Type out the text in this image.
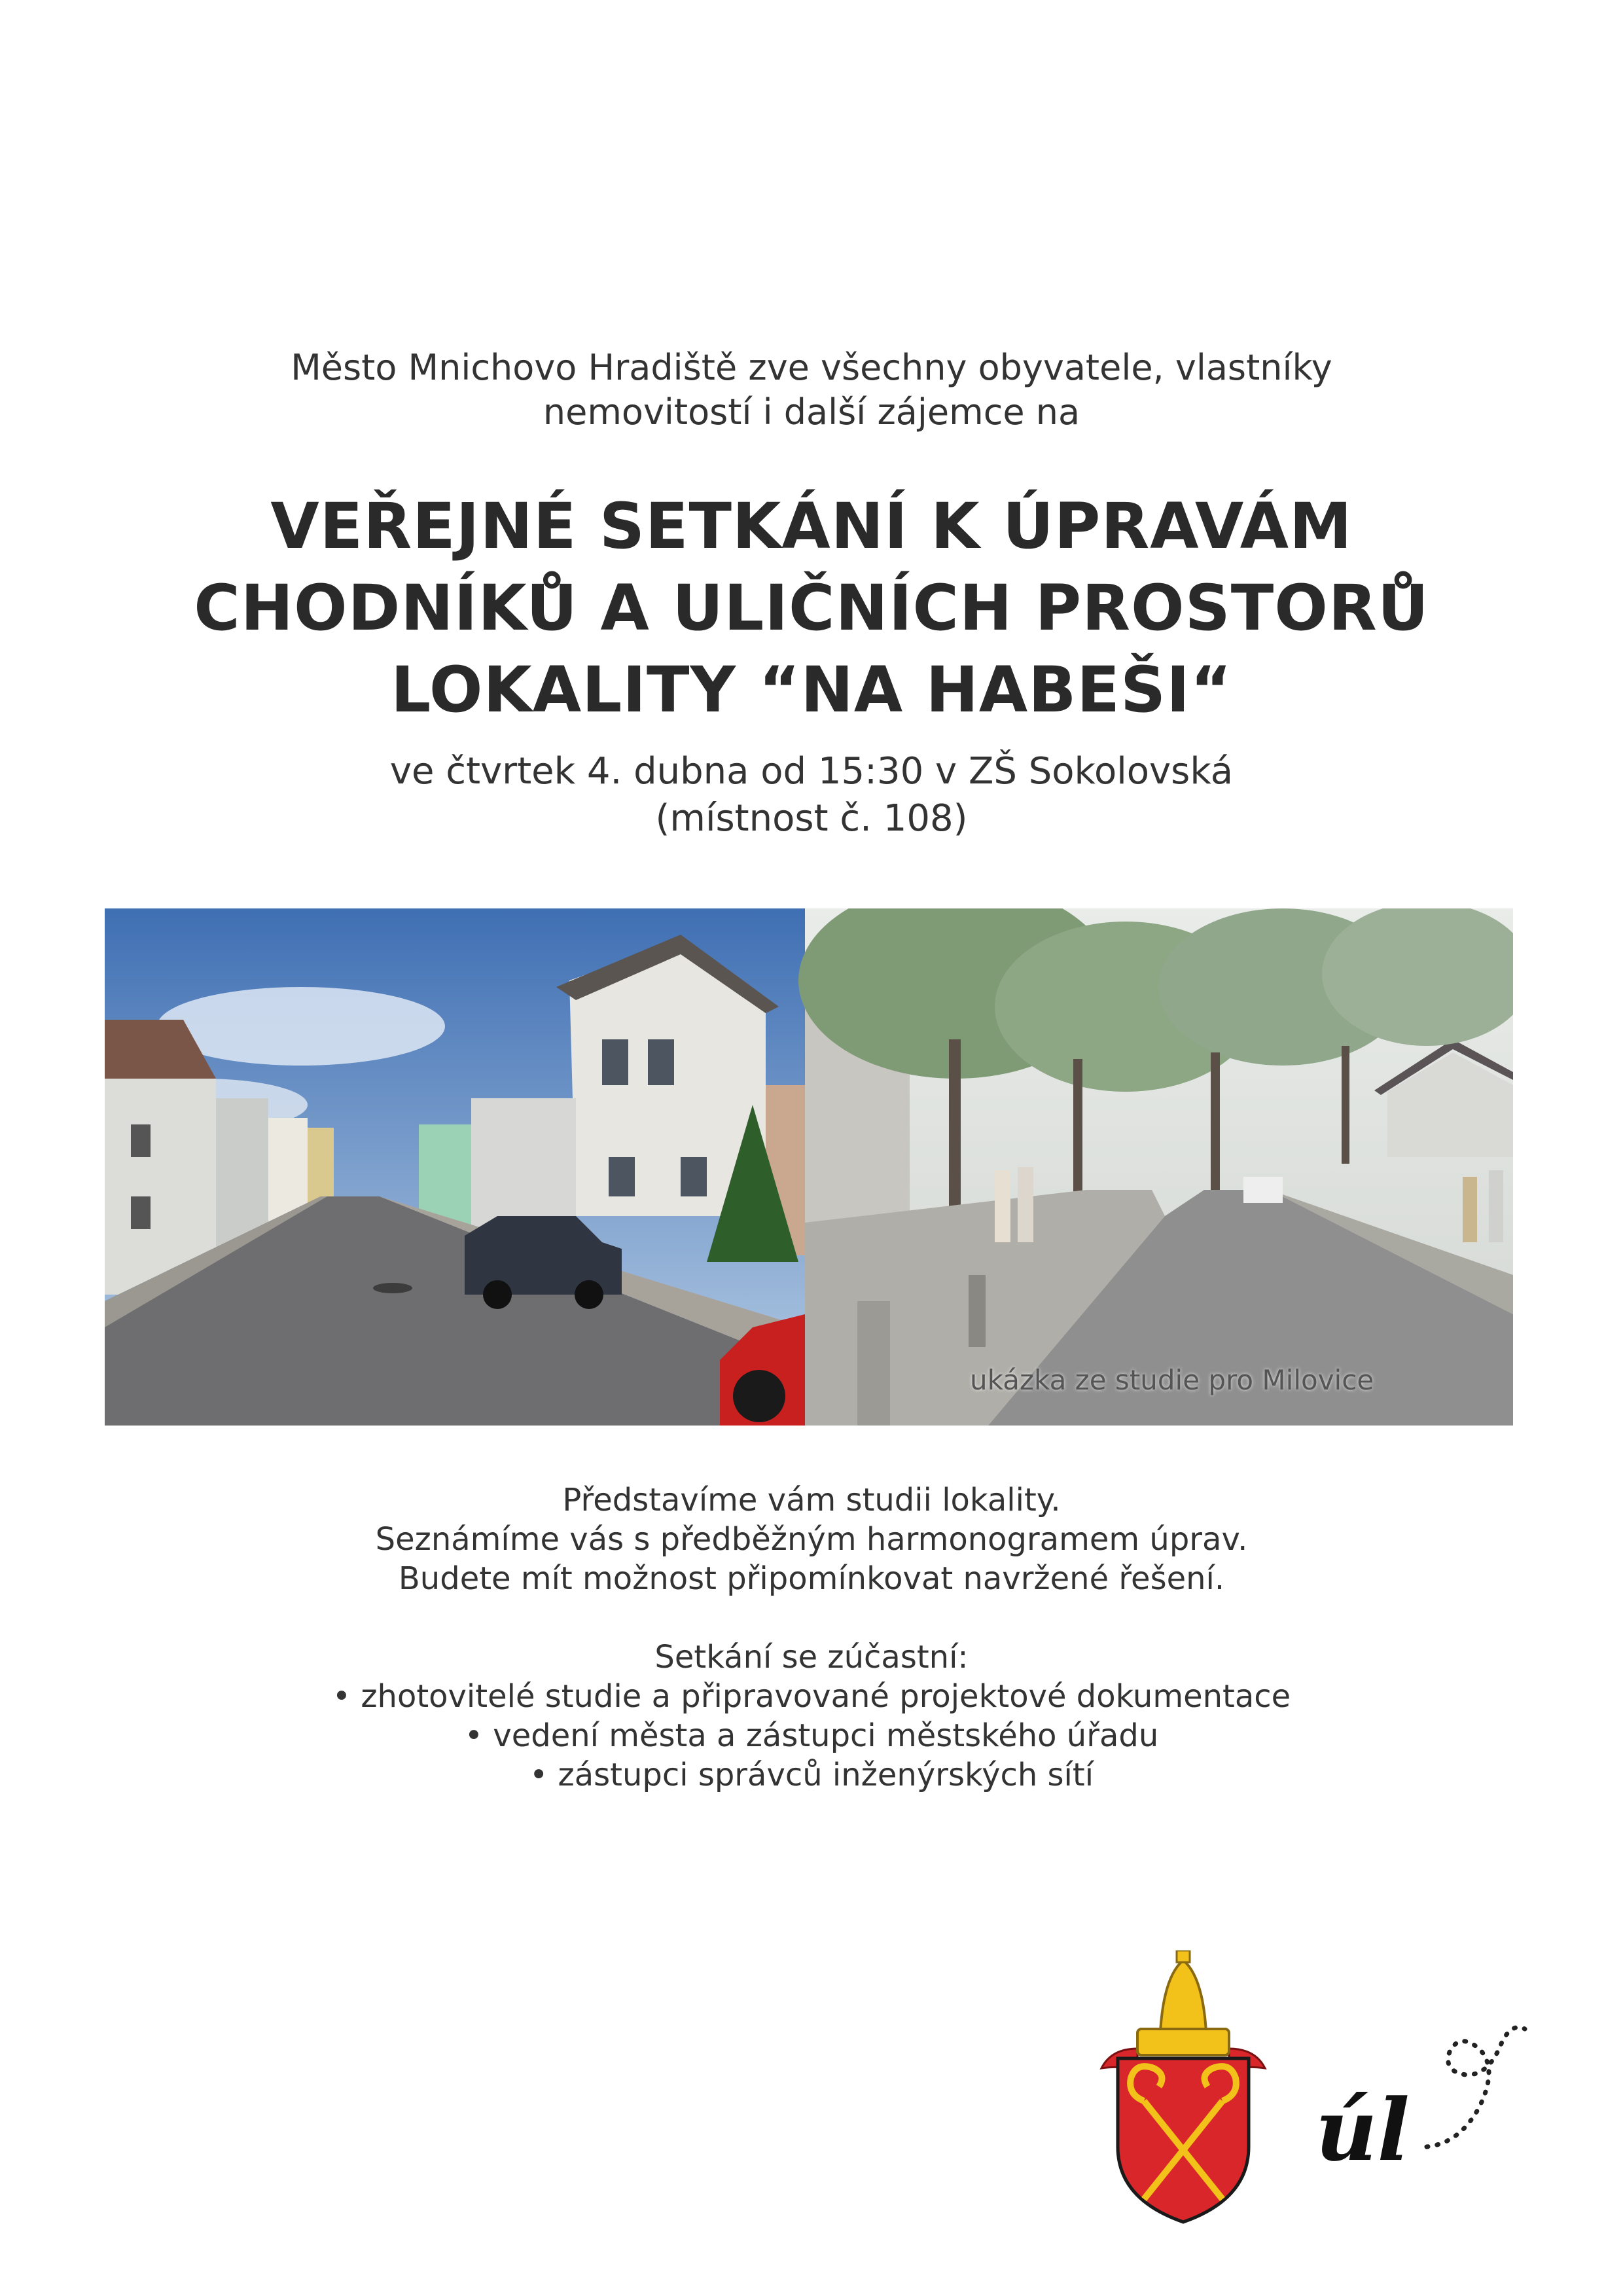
Město Mnichovo Hradiště zve všechny obyvatele, vlastníky
nemovitostí i další zájemce na
VEŘEJNÉ SETKÁNÍ K ÚPRAVÁM
CHODNÍKŮ A ULIČNÍCH PROSTORŮ
LOKALITY “NA HABEŠI“
ve čtvrtek 4. dubna od 15:30 v ZŠ Sokolovská
(místnost č. 108)
ukázka ze studie pro Milovice
Představíme vám studii lokality.
Seznámíme vás s předběžným harmonogramem úprav.
Budete mít možnost připomínkovat navržené řešení.
Setkání se zúčastní:
• zhotovitelé studie a připravované projektové dokumentace
• vedení města a zástupci městského úřadu
• zástupci správců inženýrských sítí
úl
